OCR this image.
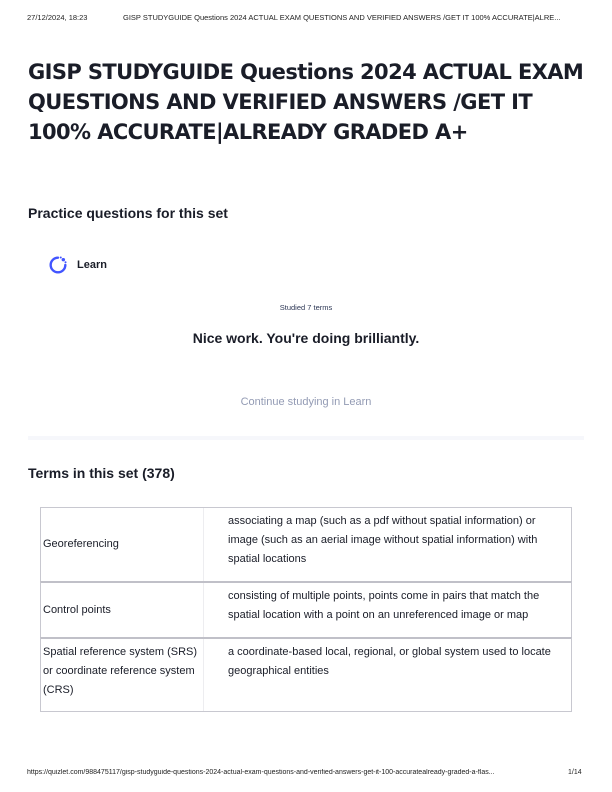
27/12/2024, 18:23	GISP STUDYGUIDE Questions 2024 ACTUAL EXAM QUESTIONS AND VERIFIED ANSWERS /GET IT 100% ACCURATE|ALRE...
GISP STUDYGUIDE Questions 2024 ACTUAL EXAM QUESTIONS AND VERIFIED ANSWERS /GET IT 100% ACCURATE|ALREADY GRADED A+
Practice questions for this set
Learn
Studied 7 terms
Nice work. You're doing brilliantly.
Continue studying in Learn
Terms in this set (378)
Georeferencing
associating a map (such as a pdf without spatial information) or image (such as an aerial image without spatial information) with spatial locations
Control points
consisting of multiple points, points come in pairs that match the spatial location with a point on an unreferenced image or map
Spatial reference system (SRS) or coordinate reference system (CRS)
a coordinate-based local, regional, or global system used to locate geographical entities
https://quizlet.com/988475117/gisp-studyguide-questions-2024-actual-exam-questions-and-verified-answers-get-it-100-accuratealready-graded-a-flas...	1/14
